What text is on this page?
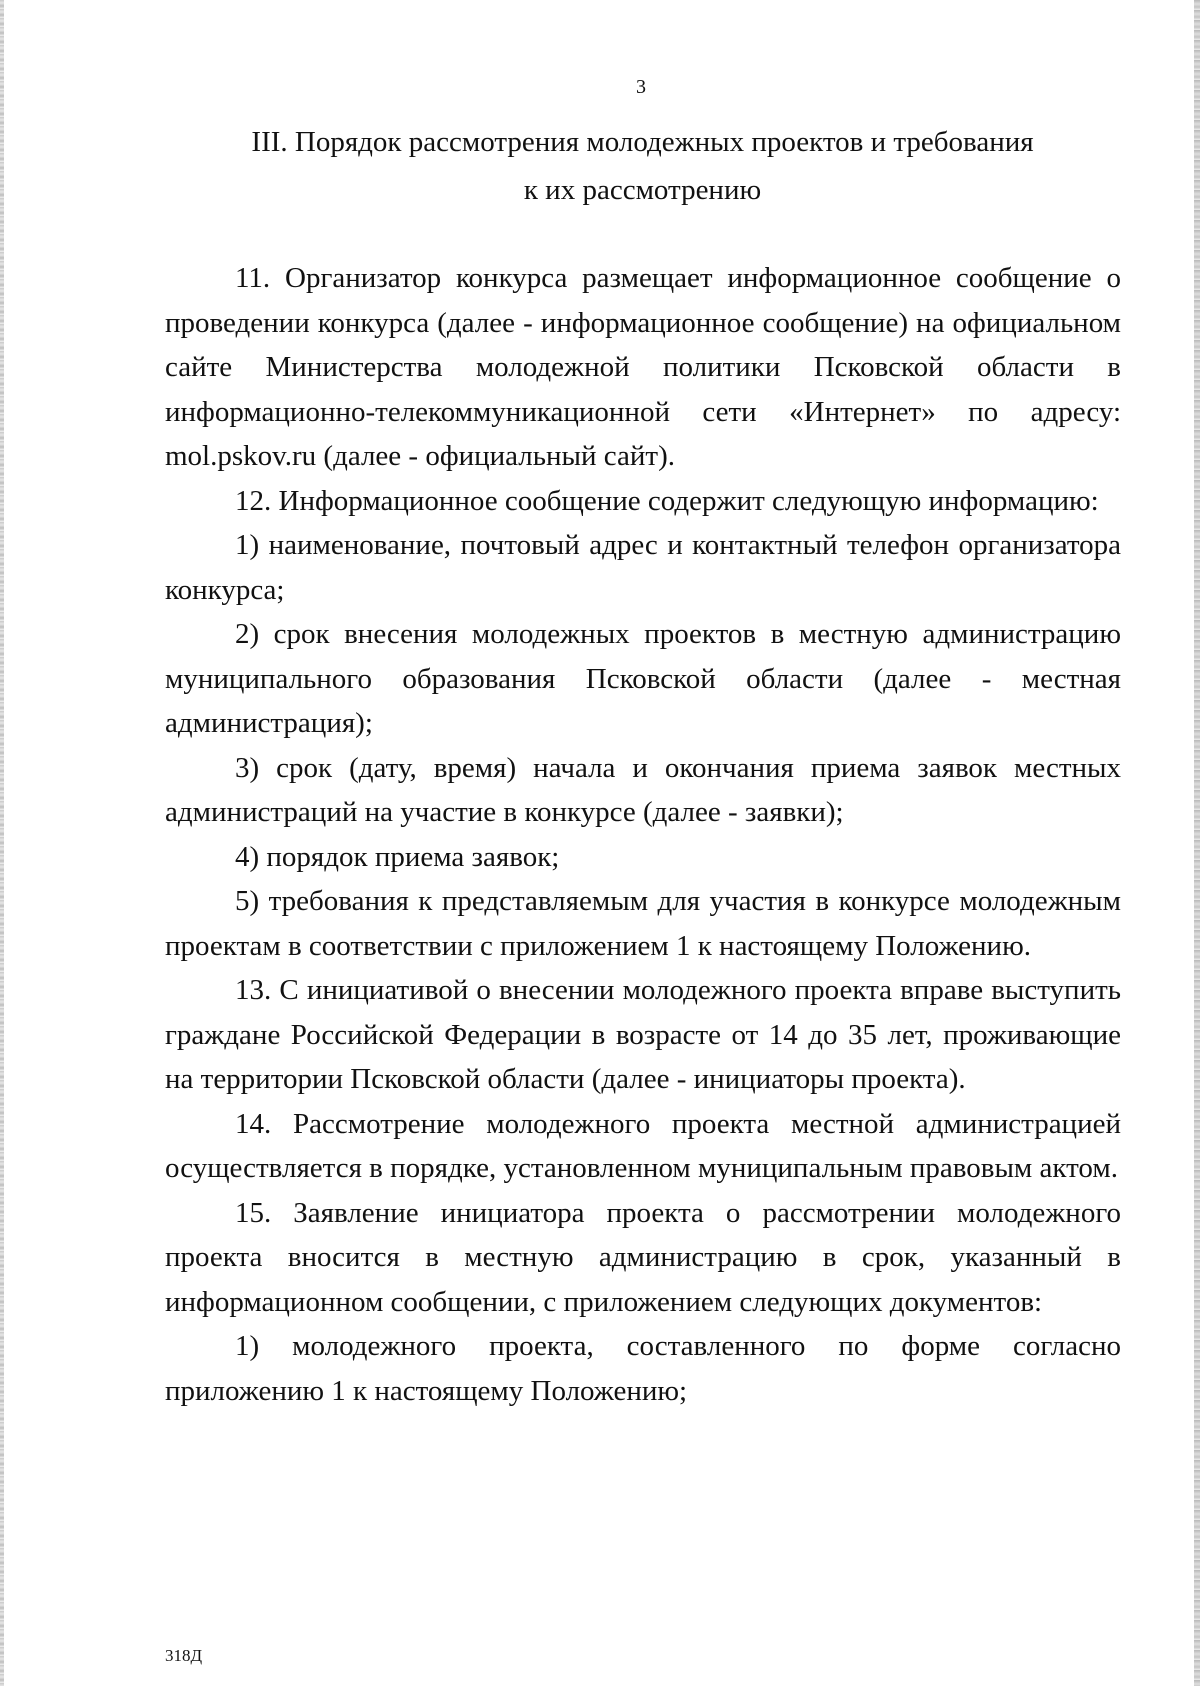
3
III. Порядок рассмотрения молодежных проектов и требования
к их рассмотрению

11. Организатор конкурса размещает информационное сообщение о проведении конкурса (далее - информационное сообщение) на официальном сайте Министерства молодежной политики Псковской области в информационно-телекоммуникационной сети «Интернет» по адресу: mol.pskov.ru (далее - официальный сайт).

12. Информационное сообщение содержит следующую информацию:

1) наименование, почтовый адрес и контактный телефон организатора конкурса;

2) срок внесения молодежных проектов в местную администрацию муниципального образования Псковской области (далее - местная администрация);

3) срок (дату, время) начала и окончания приема заявок местных администраций на участие в конкурсе (далее - заявки);

4) порядок приема заявок;

5) требования к представляемым для участия в конкурсе молодежным проектам в соответствии с приложением 1 к настоящему Положению.

13. С инициативой о внесении молодежного проекта вправе выступить граждане Российской Федерации в возрасте от 14 до 35 лет, проживающие на территории Псковской области (далее - инициаторы проекта).

14. Рассмотрение молодежного проекта местной администрацией осуществляется в порядке, установленном муниципальным правовым актом.

15. Заявление инициатора проекта о рассмотрении молодежного проекта вносится в местную администрацию в срок, указанный в информационном сообщении, с приложением следующих документов:

1) молодежного проекта, составленного по форме согласно приложению 1 к настоящему Положению;

318Д
